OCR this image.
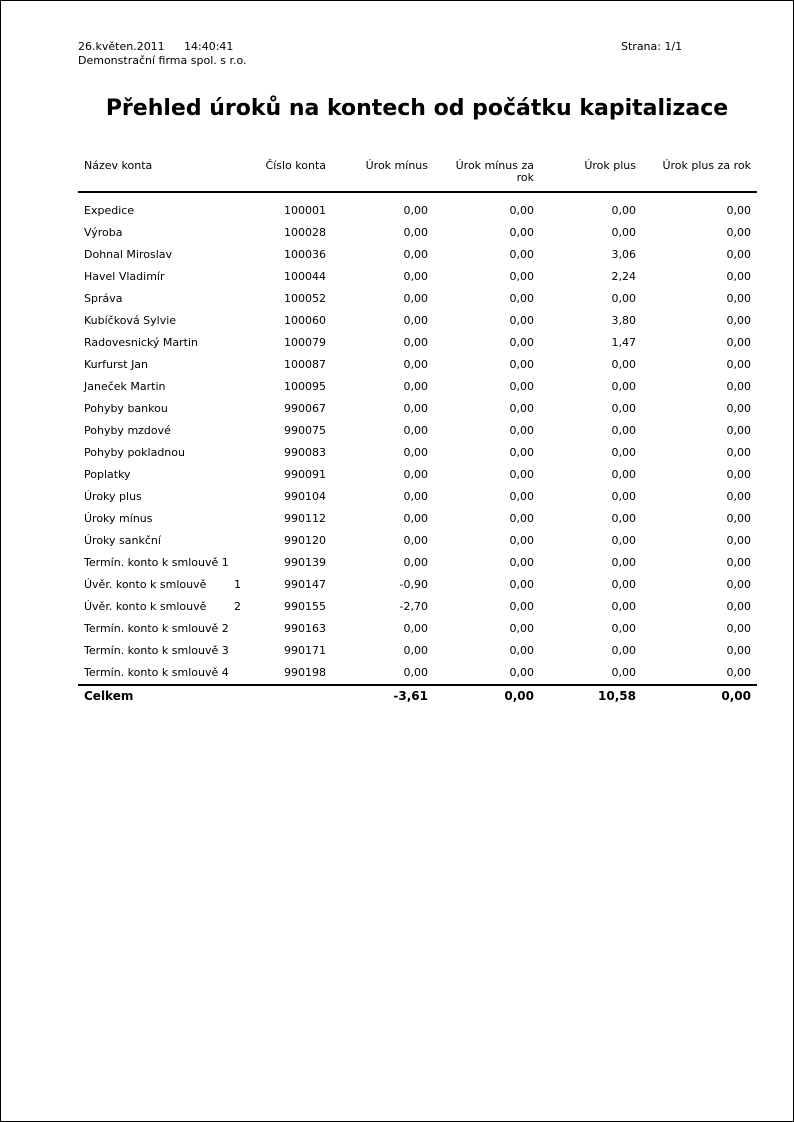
26.květen.2011 14:40:41
Demonstrační firma spol. s r.o.
Strana: 1/1
Přehled úroků na kontech od počátku kapitalizace
Název konta	Číslo konta	Úrok mínus	Úrok mínus za rok	Úrok plus	Úrok plus za rok
Expedice	100001	0,00	0,00	0,00	0,00
Výroba	100028	0,00	0,00	0,00	0,00
Dohnal Miroslav	100036	0,00	0,00	3,06	0,00
Havel Vladimír	100044	0,00	0,00	2,24	0,00
Správa	100052	0,00	0,00	0,00	0,00
Kubíčková Sylvie	100060	0,00	0,00	3,80	0,00
Radovesnický Martin	100079	0,00	0,00	1,47	0,00
Kurfurst Jan	100087	0,00	0,00	0,00	0,00
Janeček Martin	100095	0,00	0,00	0,00	0,00
Pohyby bankou	990067	0,00	0,00	0,00	0,00
Pohyby mzdové	990075	0,00	0,00	0,00	0,00
Pohyby pokladnou	990083	0,00	0,00	0,00	0,00
Poplatky	990091	0,00	0,00	0,00	0,00
Úroky plus	990104	0,00	0,00	0,00	0,00
Úroky mínus	990112	0,00	0,00	0,00	0,00
Úroky sankční	990120	0,00	0,00	0,00	0,00
Termín. konto k smlouvě 1	990139	0,00	0,00	0,00	0,00
Úvěr. konto k smlouvě 1	990147	-0,90	0,00	0,00	0,00
Úvěr. konto k smlouvě 2	990155	-2,70	0,00	0,00	0,00
Termín. konto k smlouvě 2	990163	0,00	0,00	0,00	0,00
Termín. konto k smlouvě 3	990171	0,00	0,00	0,00	0,00
Termín. konto k smlouvě 4	990198	0,00	0,00	0,00	0,00
Celkem		-3,61	0,00	10,58	0,00
